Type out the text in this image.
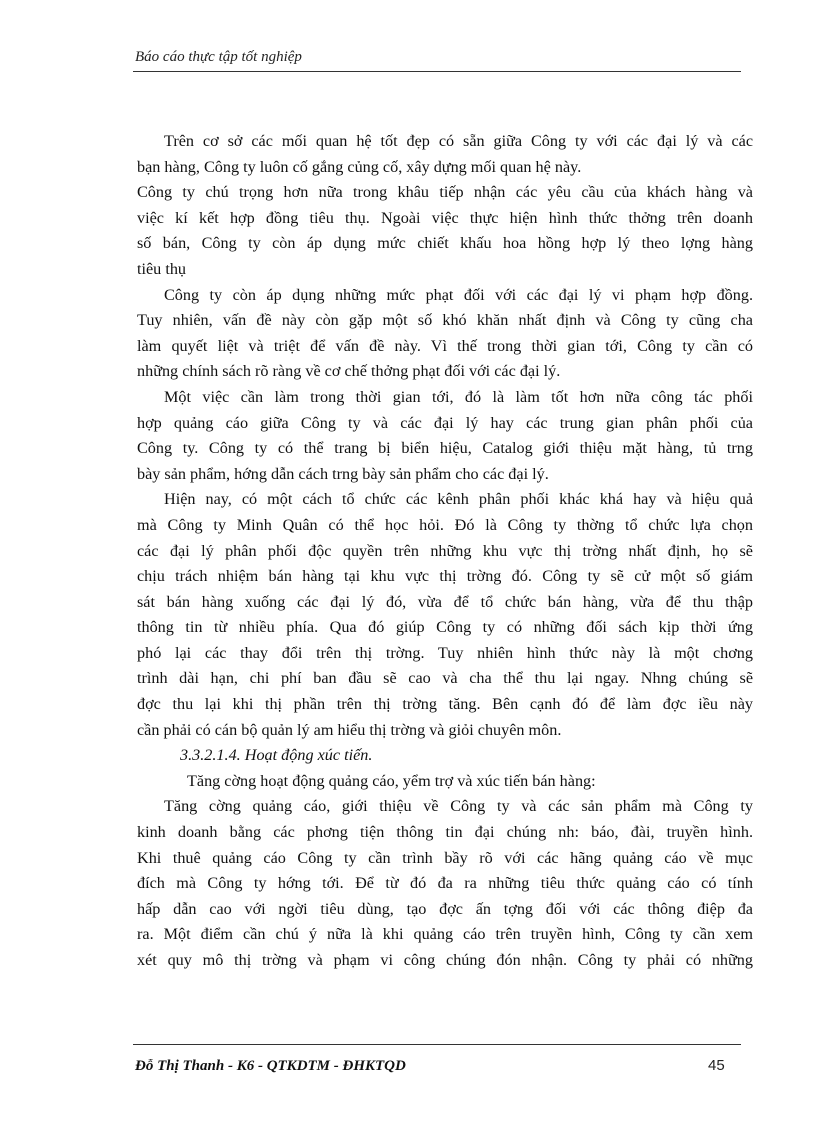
Báo cáo thực tập tốt nghiệp
Trên cơ sở các mối quan hệ tốt đẹp có sẵn giữa Công ty với các đại lý và các
bạn hàng, Công ty luôn cố gắng củng cố, xây dựng mối quan hệ này.
Công ty chú trọng hơn nữa trong khâu tiếp nhận các yêu cầu của khách hàng và
việc kí kết hợp đồng tiêu thụ. Ngoài việc thực hiện hình thức thởng trên doanh
số bán, Công ty còn áp dụng mức chiết khấu hoa hồng hợp lý theo lợng hàng
tiêu thụ
Công ty còn áp dụng những mức phạt đối với các đại lý vi phạm hợp đồng.
Tuy nhiên, vấn đề này còn gặp một số khó khăn nhất định và Công ty cũng cha
làm quyết liệt và triệt để vấn đề này. Vì thế trong thời gian tới, Công ty cần có
những chính sách rõ ràng về cơ chế thởng phạt đối với các đại lý.
Một việc cần làm trong thời gian tới, đó là làm tốt hơn nữa công tác phối
hợp quảng cáo giữa Công ty và các đại lý hay các trung gian phân phối của
Công ty. Công ty có thể trang bị biển hiệu, Catalog giới thiệu mặt hàng, tủ trng
bày sản phẩm, hớng dẫn cách trng bày sản phẩm cho các đại lý.
Hiện nay, có một cách tổ chức các kênh phân phối khác khá hay và hiệu quả
mà Công ty Minh Quân có thể học hỏi. Đó là Công ty thờng tổ chức lựa chọn
các đại lý phân phối độc quyền trên những khu vực thị trờng nhất định, họ sẽ
chịu trách nhiệm bán hàng tại khu vực thị trờng đó. Công ty sẽ cử một số giám
sát bán hàng xuống các đại lý đó, vừa để tổ chức bán hàng, vừa để thu thập
thông tin từ nhiều phía. Qua đó giúp Công ty có những đối sách kịp thời ứng
phó lại các thay đổi trên thị trờng. Tuy nhiên hình thức này là một chơng
trình dài hạn, chi phí ban đầu sẽ cao và cha thể thu lại ngay. Nhng chúng sẽ
đợc thu lại khi thị phần trên thị trờng tăng. Bên cạnh đó để làm đợc iều này
cần phải có cán bộ quản lý am hiểu thị trờng và giỏi chuyên môn.
3.3.2.1.4. Hoạt động xúc tiến.
Tăng cờng hoạt động quảng cáo, yểm trợ và xúc tiến bán hàng:
Tăng cờng quảng cáo, giới thiệu về Công ty và các sản phẩm mà Công ty
kinh doanh bằng các phơng tiện thông tin đại chúng nh: báo, đài, truyền hình.
Khi thuê quảng cáo Công ty cần trình bầy rõ với các hãng quảng cáo về mục
đích mà Công ty hớng tới. Để từ đó đa ra những tiêu thức quảng cáo có tính
hấp dẫn cao với ngời tiêu dùng, tạo đợc ấn tợng đối với các thông điệp đa
ra. Một điểm cần chú ý nữa là khi quảng cáo trên truyền hình, Công ty cần xem
xét quy mô thị trờng và phạm vi công chúng đón nhận. Công ty phải có những
Đỗ Thị Thanh - K6 - QTKDTM - ĐHKTQD	45
